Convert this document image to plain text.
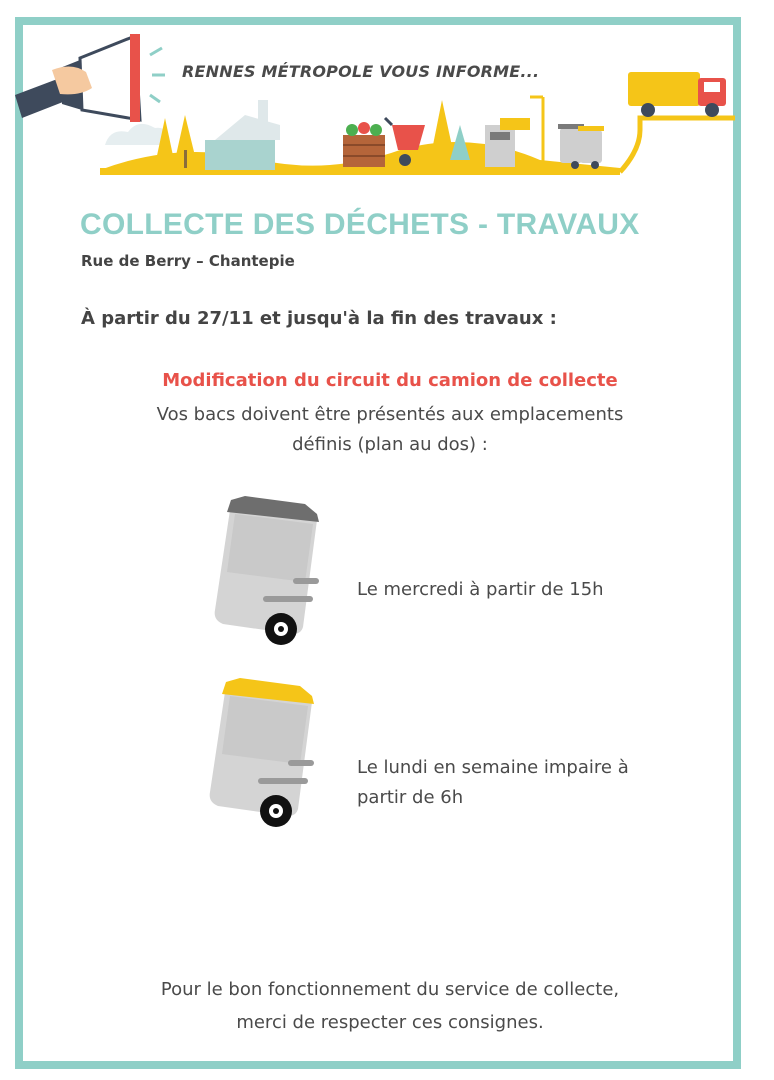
RENNES MÉTROPOLE VOUS INFORME...
COLLECTE DES DÉCHETS - TRAVAUX
Rue de Berry – Chantepie
À partir du 27/11 et jusqu'à la fin des travaux :
Modification du circuit du camion de collecte
Vos bacs doivent être présentés aux emplacements
définis (plan au dos) :
Le mercredi à partir de 15h
Le lundi en semaine impaire à
partir de 6h
Pour le bon fonctionnement du service de collecte,
merci de respecter ces consignes.
